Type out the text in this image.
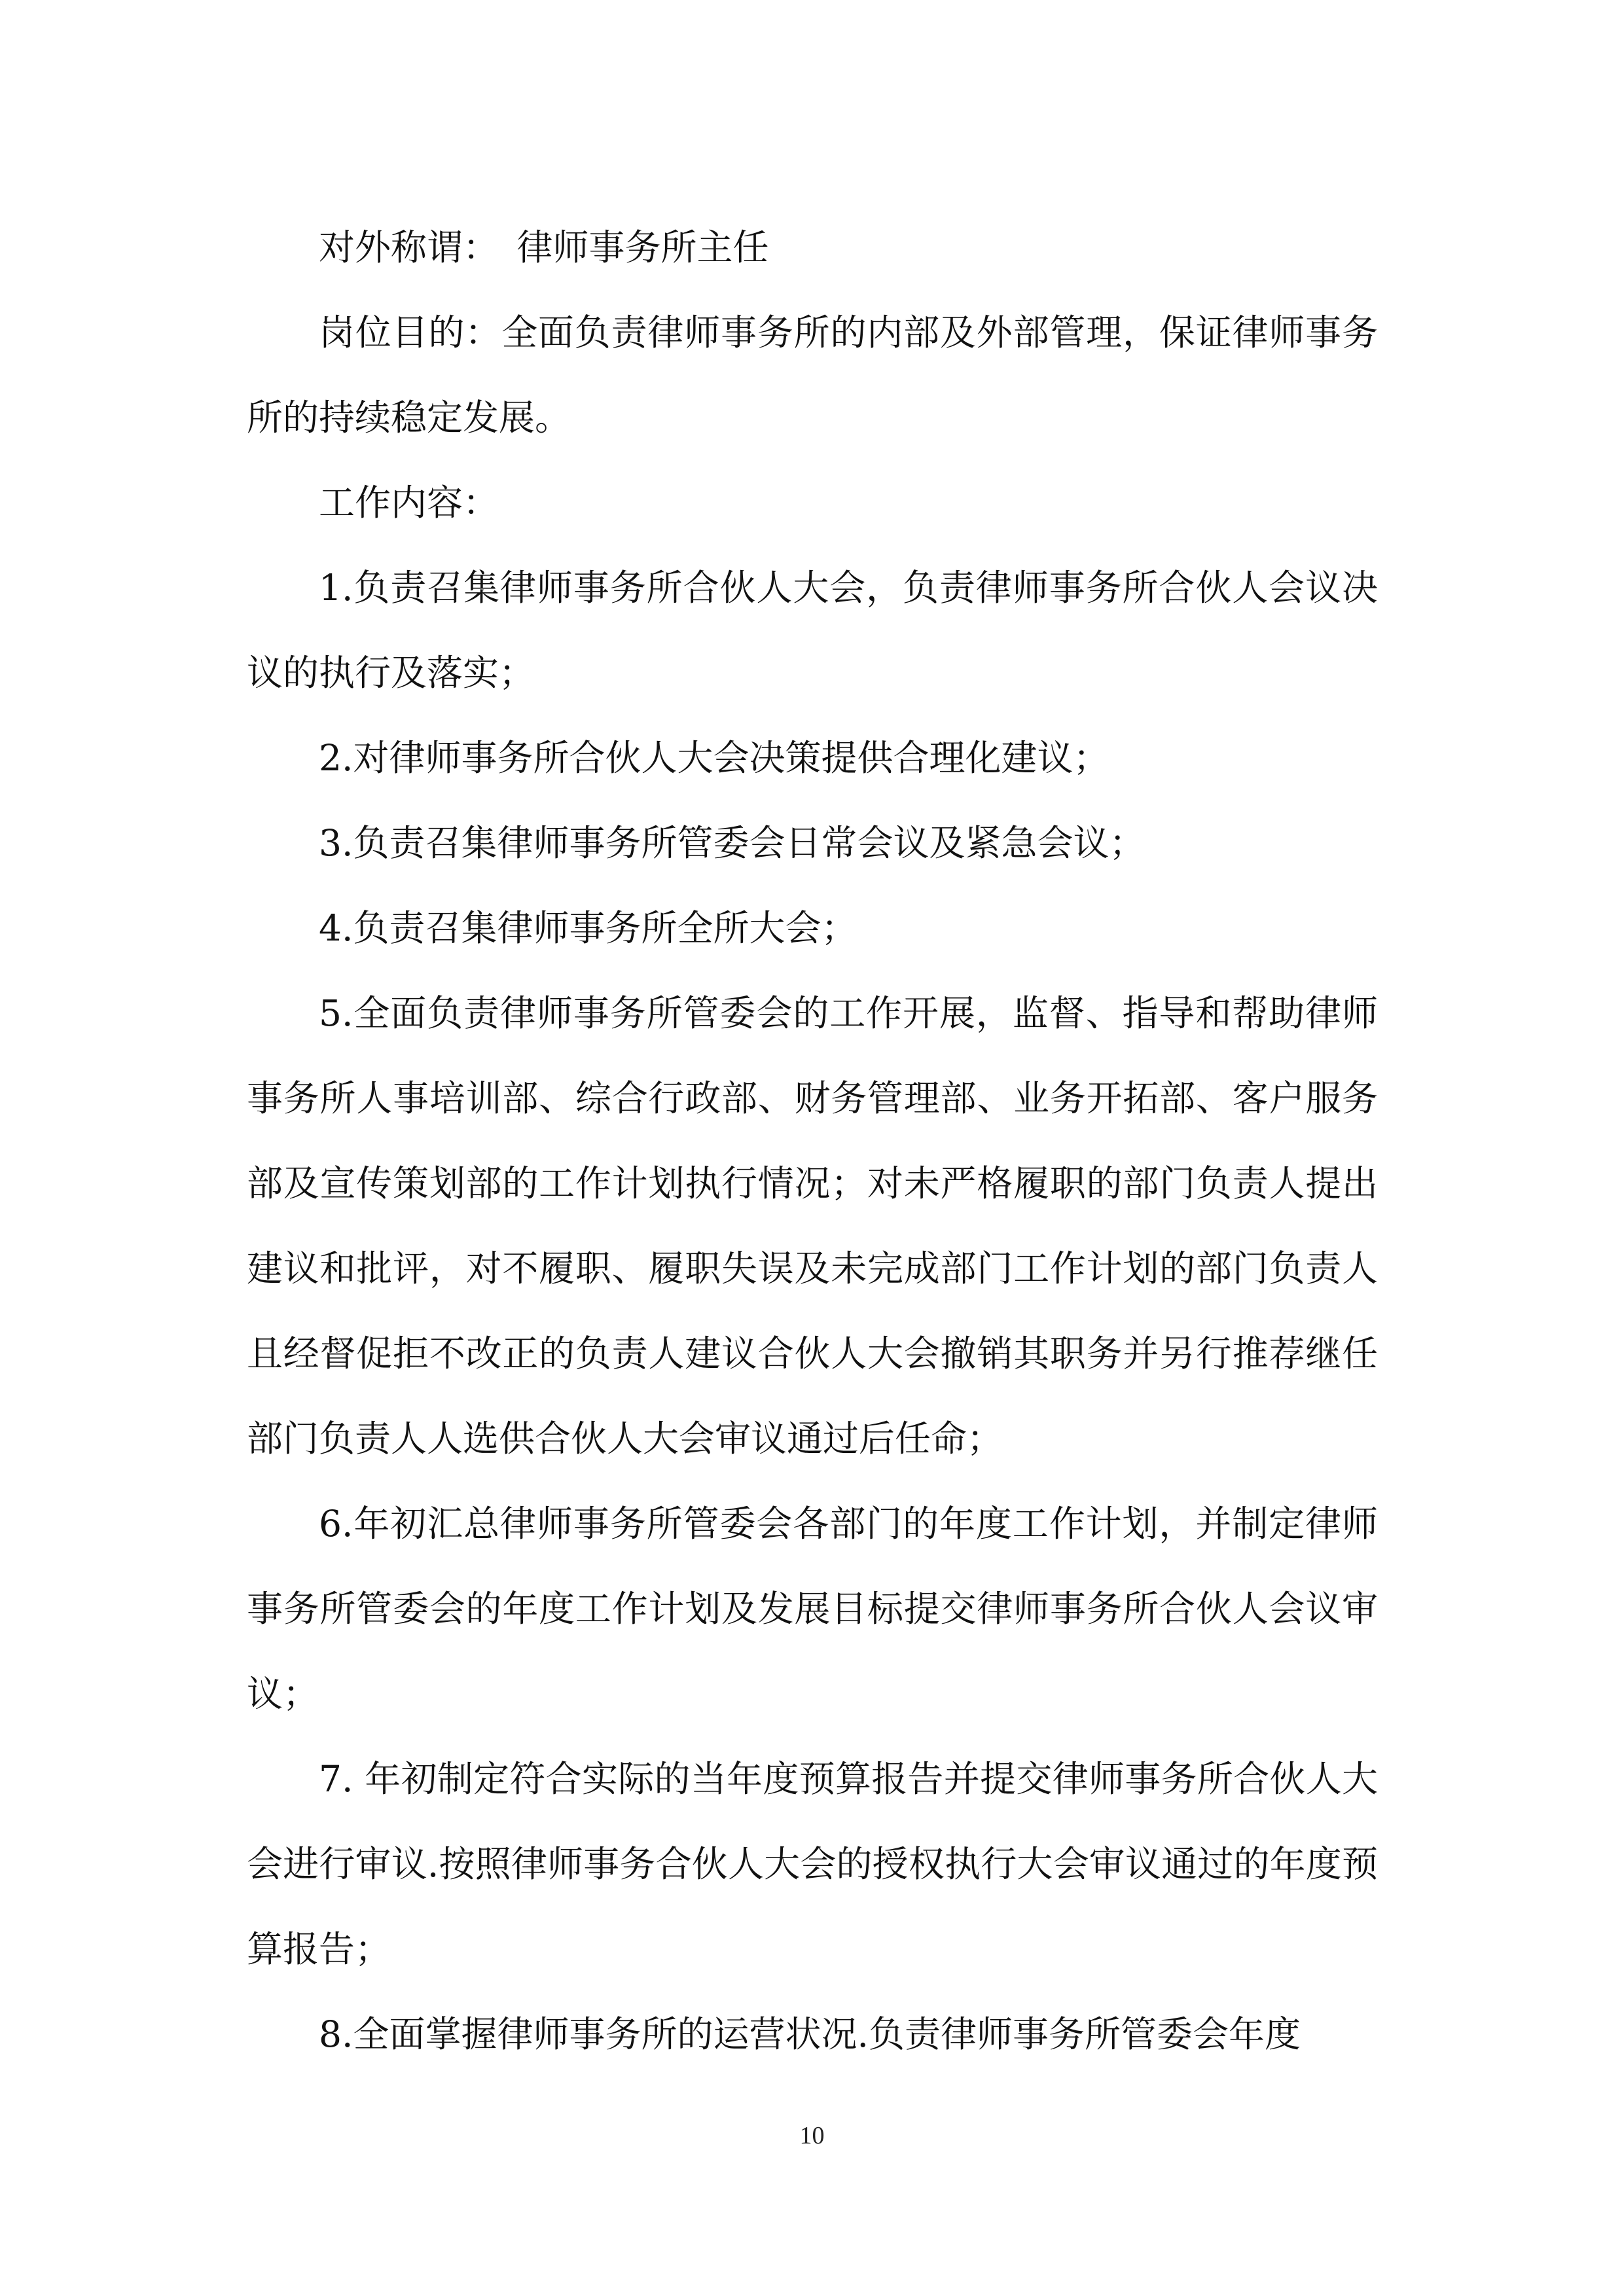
对外称谓：　律师事务所主任

岗位目的：全面负责律师事务所的内部及外部管理，保证律师事务所的持续稳定发展。

工作内容：

1.负责召集律师事务所合伙人大会，负责律师事务所合伙人会议决议的执行及落实；

2.对律师事务所合伙人大会决策提供合理化建议；

3.负责召集律师事务所管委会日常会议及紧急会议；

4.负责召集律师事务所全所大会；

5.全面负责律师事务所管委会的工作开展，监督、指导和帮助律师事务所人事培训部、综合行政部、财务管理部、业务开拓部、客户服务部及宣传策划部的工作计划执行情况；对未严格履职的部门负责人提出建议和批评，对不履职、履职失误及未完成部门工作计划的部门负责人且经督促拒不改正的负责人建议合伙人大会撤销其职务并另行推荐继任部门负责人人选供合伙人大会审议通过后任命；

6.年初汇总律师事务所管委会各部门的年度工作计划，并制定律师事务所管委会的年度工作计划及发展目标提交律师事务所合伙人会议审议；

7. 年初制定符合实际的当年度预算报告并提交律师事务所合伙人大会进行审议.按照律师事务合伙人大会的授权执行大会审议通过的年度预算报告；

8.全面掌握律师事务所的运营状况.负责律师事务所管委会年度

10
